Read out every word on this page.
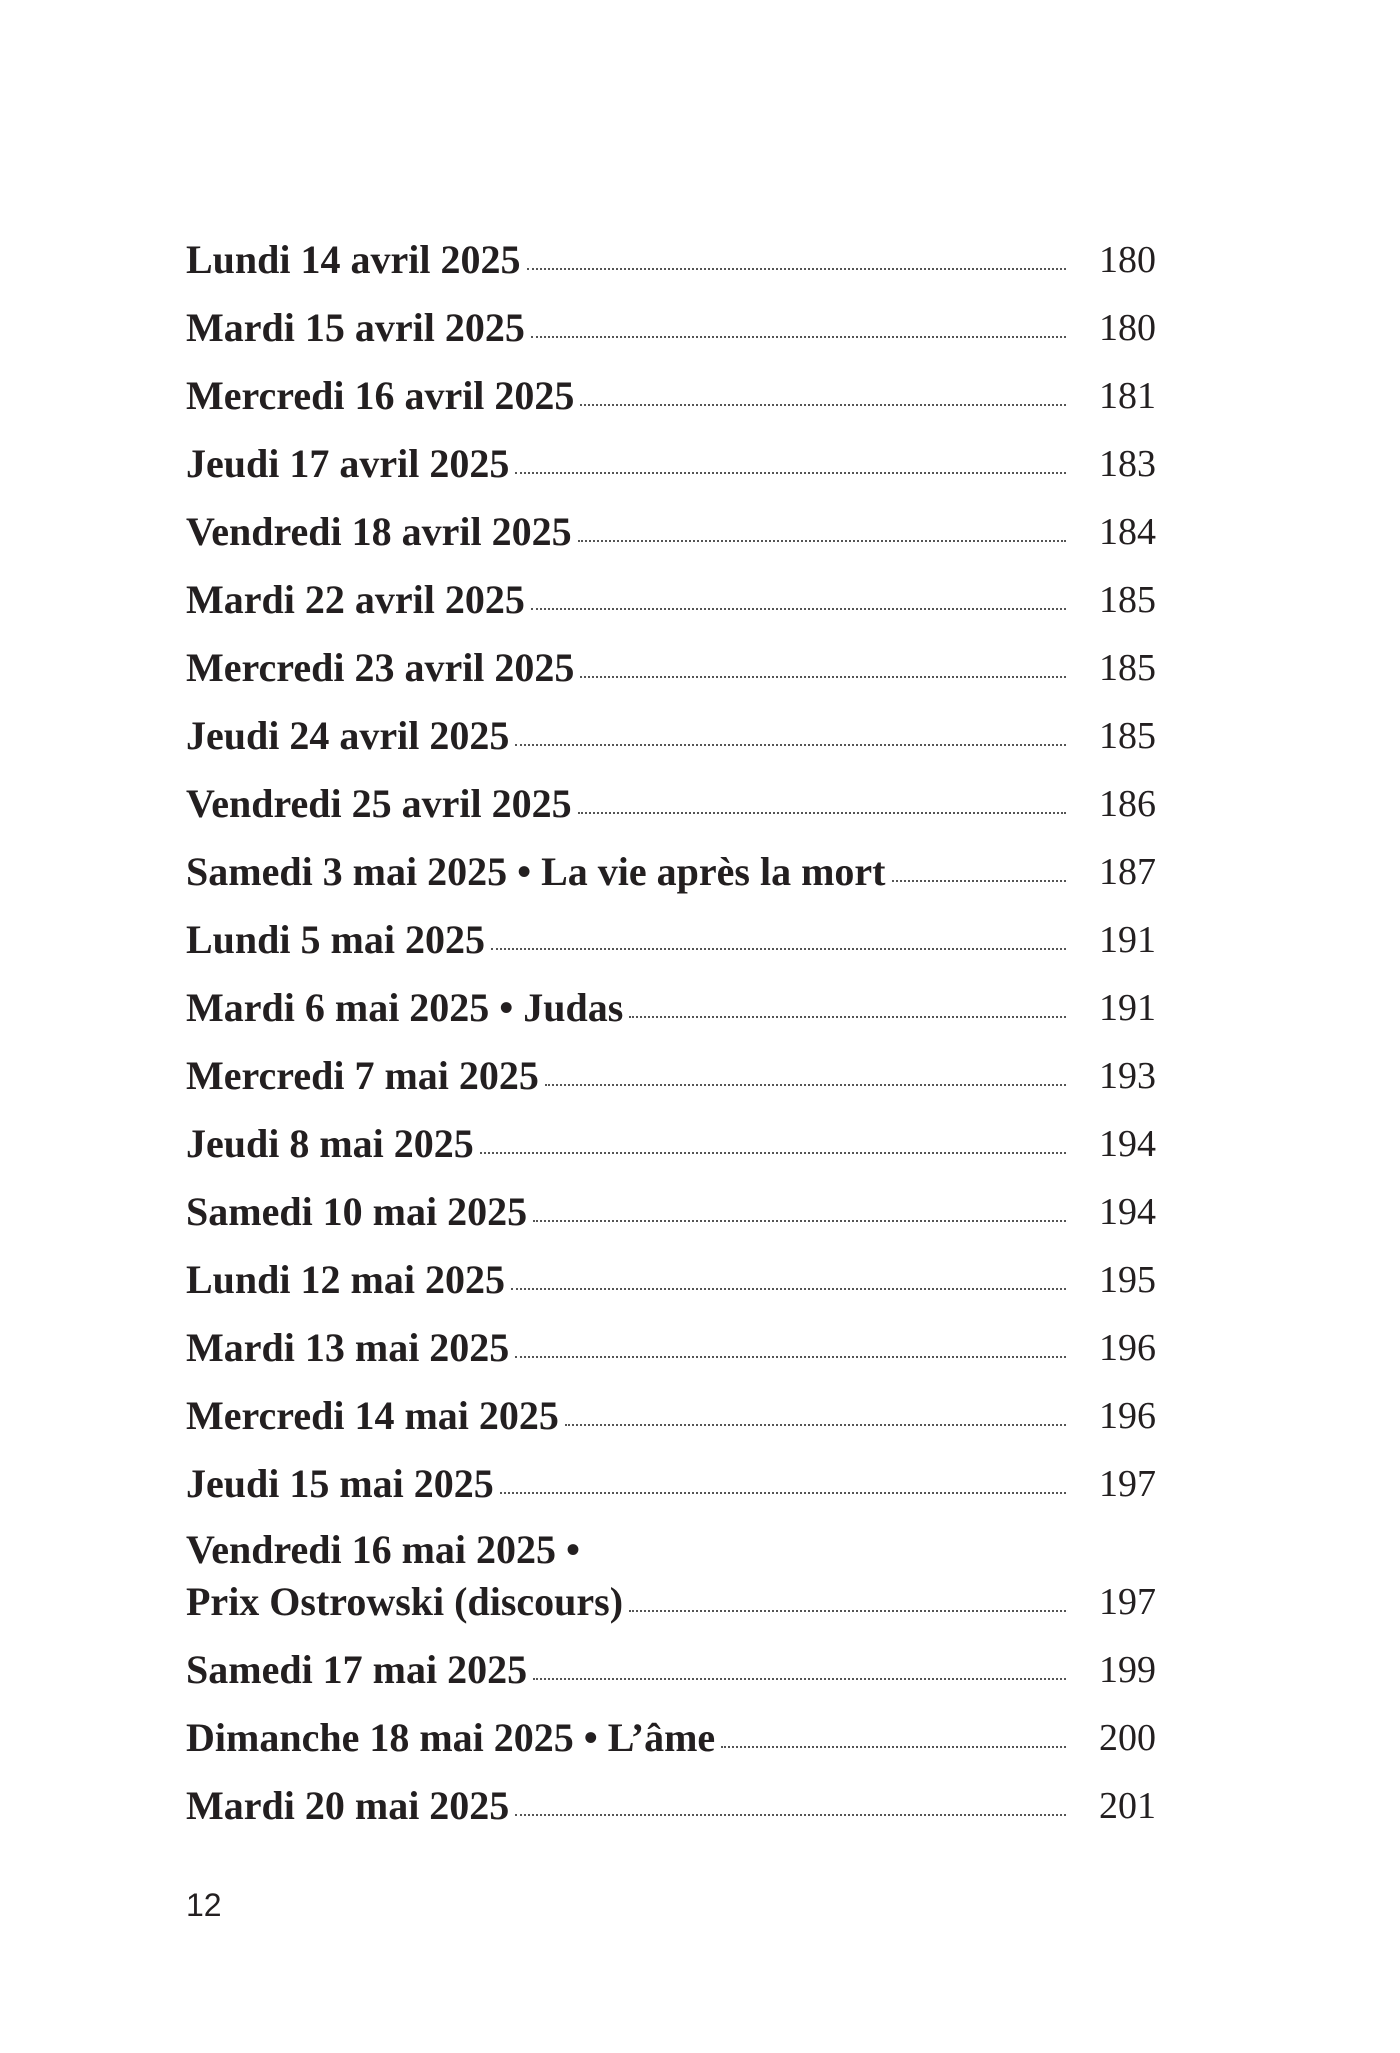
Lundi 14 avril 2025	180
Mardi 15 avril 2025	180
Mercredi 16 avril 2025	181
Jeudi 17 avril 2025	183
Vendredi 18 avril 2025	184
Mardi 22 avril 2025	185
Mercredi 23 avril 2025	185
Jeudi 24 avril 2025	185
Vendredi 25 avril 2025	186
Samedi 3 mai 2025 • La vie après la mort	187
Lundi 5 mai 2025	191
Mardi 6 mai 2025 • Judas	191
Mercredi 7 mai 2025	193
Jeudi 8 mai 2025	194
Samedi 10 mai 2025	194
Lundi 12 mai 2025	195
Mardi 13 mai 2025	196
Mercredi 14 mai 2025	196
Jeudi 15 mai 2025	197
Vendredi 16 mai 2025 •
Prix Ostrowski (discours)	197
Samedi 17 mai 2025	199
Dimanche 18 mai 2025 • L’âme	200
Mardi 20 mai 2025	201
12
